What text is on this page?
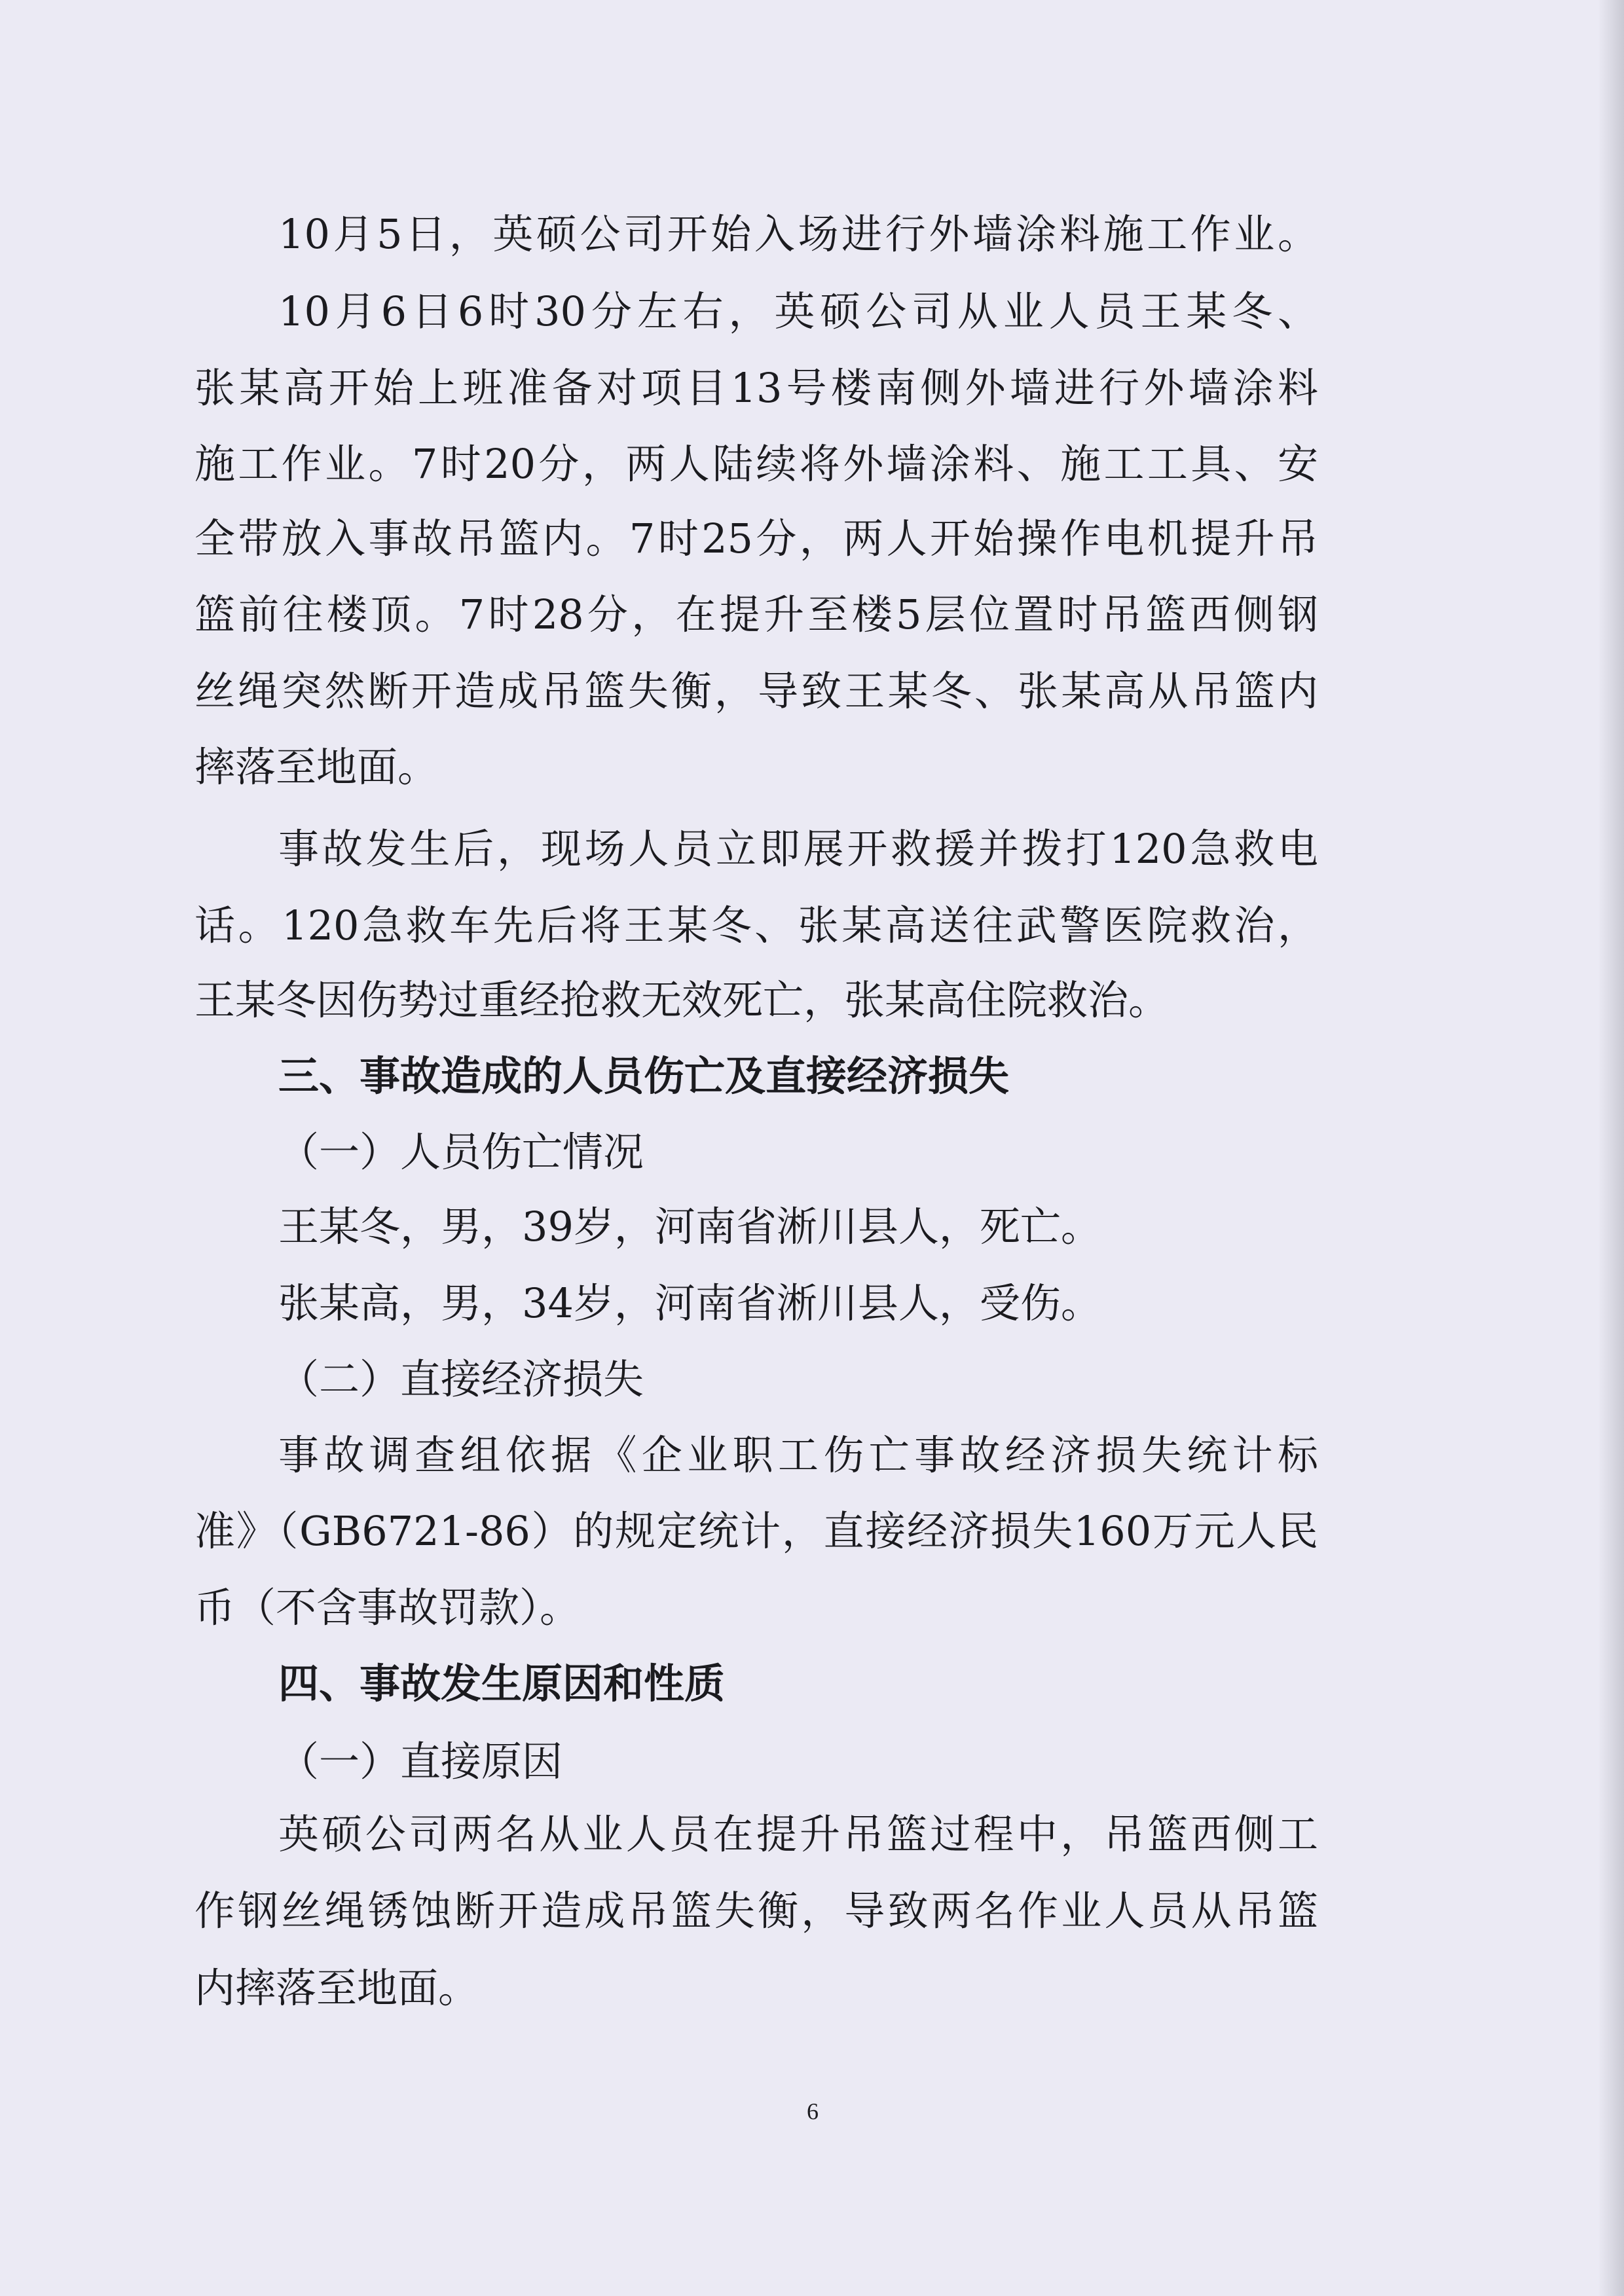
10月5日，英硕公司开始入场进行外墙涂料施工作业。
10月6日6时30分左右，英硕公司从业人员王某冬、
张某高开始上班准备对项目13号楼南侧外墙进行外墙涂料
施工作业。7时20分，两人陆续将外墙涂料、施工工具、安
全带放入事故吊篮内。7时25分，两人开始操作电机提升吊
篮前往楼顶。7时28分，在提升至楼5层位置时吊篮西侧钢
丝绳突然断开造成吊篮失衡，导致王某冬、张某高从吊篮内
摔落至地面。
事故发生后，现场人员立即展开救援并拨打120急救电
话。120急救车先后将王某冬、张某高送往武警医院救治，
王某冬因伤势过重经抢救无效死亡，张某高住院救治。
三、事故造成的人员伤亡及直接经济损失
（一）人员伤亡情况
王某冬，男，39岁，河南省淅川县人，死亡。
张某高，男，34岁，河南省淅川县人，受伤。
（二）直接经济损失
事故调查组依据《企业职工伤亡事故经济损失统计标
准》（GB6721-86）的规定统计，直接经济损失160万元人民
币（不含事故罚款）。
四、事故发生原因和性质
（一）直接原因
英硕公司两名从业人员在提升吊篮过程中，吊篮西侧工
作钢丝绳锈蚀断开造成吊篮失衡，导致两名作业人员从吊篮
内摔落至地面。
6
